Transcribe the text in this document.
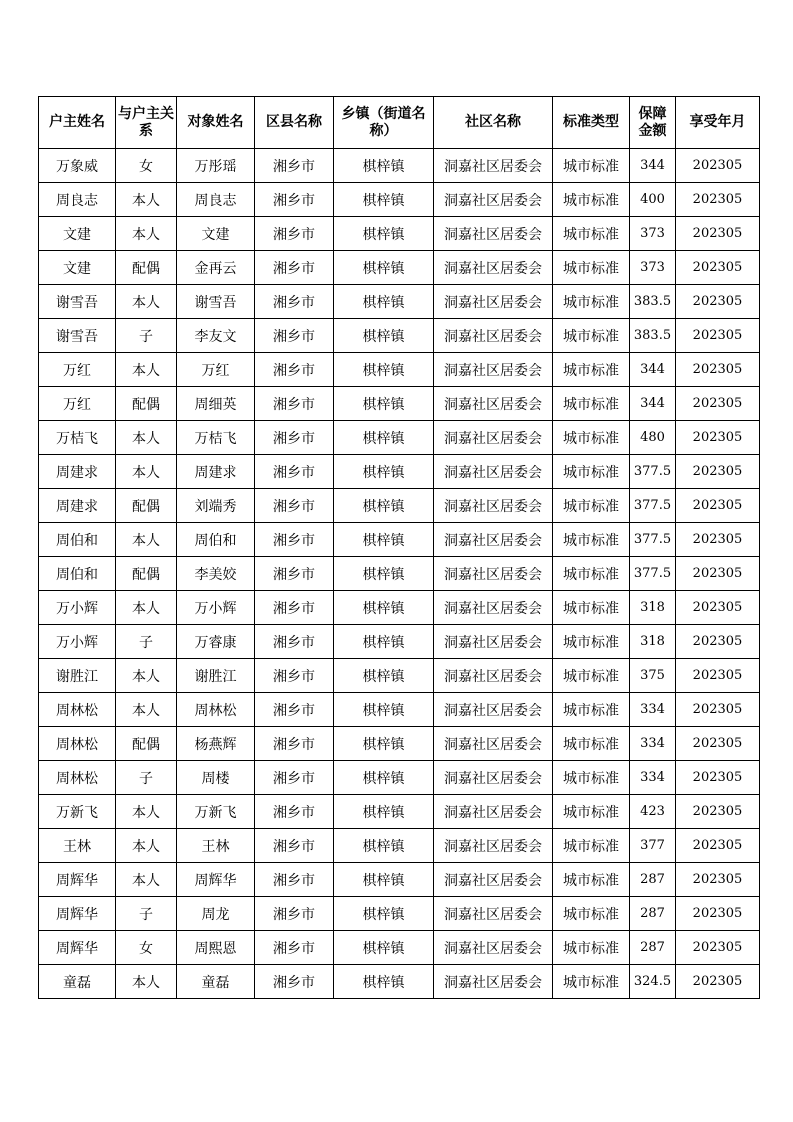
户主姓名	与户主关系	对象姓名	区县名称	乡镇（街道名称）	社区名称	标准类型	保障金额	享受年月
万象威	女	万彤瑶	湘乡市	棋梓镇	洞嘉社区居委会	城市标准	344	202305
周良志	本人	周良志	湘乡市	棋梓镇	洞嘉社区居委会	城市标准	400	202305
文建	本人	文建	湘乡市	棋梓镇	洞嘉社区居委会	城市标准	373	202305
文建	配偶	金再云	湘乡市	棋梓镇	洞嘉社区居委会	城市标准	373	202305
谢雪吾	本人	谢雪吾	湘乡市	棋梓镇	洞嘉社区居委会	城市标准	383.5	202305
谢雪吾	子	李友文	湘乡市	棋梓镇	洞嘉社区居委会	城市标准	383.5	202305
万红	本人	万红	湘乡市	棋梓镇	洞嘉社区居委会	城市标准	344	202305
万红	配偶	周细英	湘乡市	棋梓镇	洞嘉社区居委会	城市标准	344	202305
万桔飞	本人	万桔飞	湘乡市	棋梓镇	洞嘉社区居委会	城市标准	480	202305
周建求	本人	周建求	湘乡市	棋梓镇	洞嘉社区居委会	城市标准	377.5	202305
周建求	配偶	刘端秀	湘乡市	棋梓镇	洞嘉社区居委会	城市标准	377.5	202305
周伯和	本人	周伯和	湘乡市	棋梓镇	洞嘉社区居委会	城市标准	377.5	202305
周伯和	配偶	李美姣	湘乡市	棋梓镇	洞嘉社区居委会	城市标准	377.5	202305
万小辉	本人	万小辉	湘乡市	棋梓镇	洞嘉社区居委会	城市标准	318	202305
万小辉	子	万睿康	湘乡市	棋梓镇	洞嘉社区居委会	城市标准	318	202305
谢胜江	本人	谢胜江	湘乡市	棋梓镇	洞嘉社区居委会	城市标准	375	202305
周林松	本人	周林松	湘乡市	棋梓镇	洞嘉社区居委会	城市标准	334	202305
周林松	配偶	杨燕辉	湘乡市	棋梓镇	洞嘉社区居委会	城市标准	334	202305
周林松	子	周楼	湘乡市	棋梓镇	洞嘉社区居委会	城市标准	334	202305
万新飞	本人	万新飞	湘乡市	棋梓镇	洞嘉社区居委会	城市标准	423	202305
王林	本人	王林	湘乡市	棋梓镇	洞嘉社区居委会	城市标准	377	202305
周辉华	本人	周辉华	湘乡市	棋梓镇	洞嘉社区居委会	城市标准	287	202305
周辉华	子	周龙	湘乡市	棋梓镇	洞嘉社区居委会	城市标准	287	202305
周辉华	女	周熙恩	湘乡市	棋梓镇	洞嘉社区居委会	城市标准	287	202305
童磊	本人	童磊	湘乡市	棋梓镇	洞嘉社区居委会	城市标准	324.5	202305
